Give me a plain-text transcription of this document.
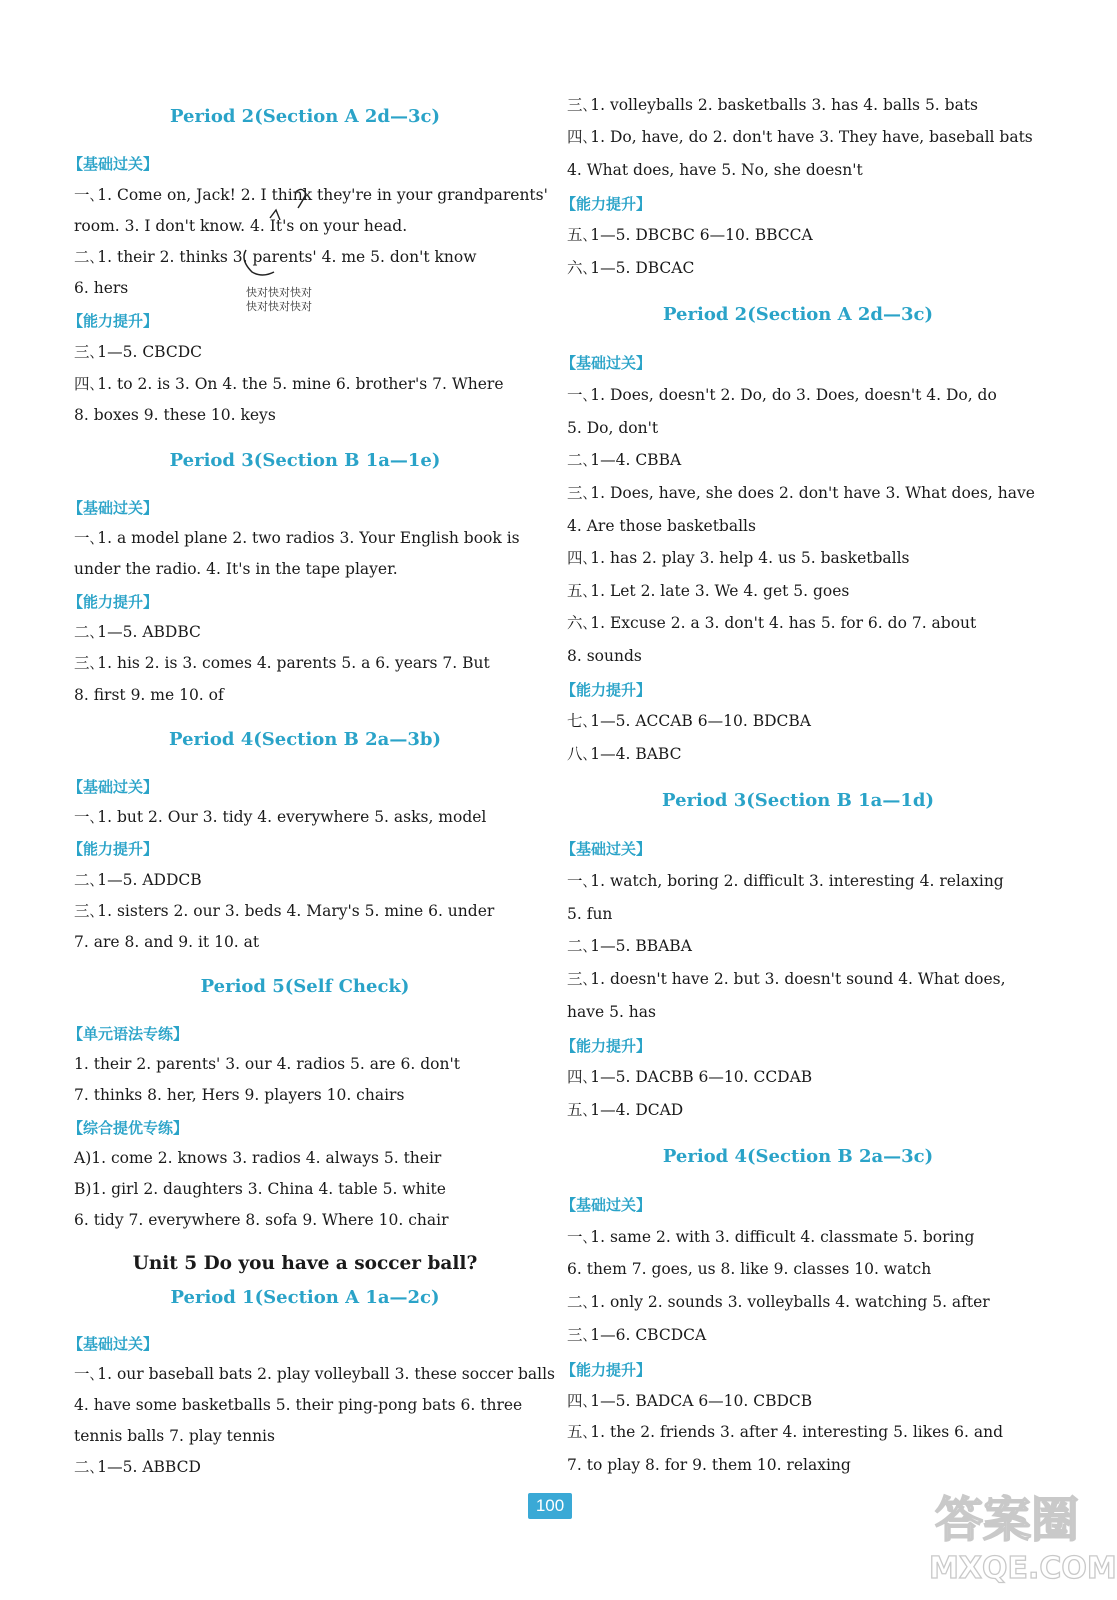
Period 2(Section A 2d—3c)
【基础过关】
一､1. Come on, Jack! 2. I think they're in your grandparents'
room. 3. I don't know. 4. It's on your head.
二､1. their 2. thinks 3. parents' 4. me 5. don't know
6. hers
【能力提升】
三､1—5. CBCDC
四､1. to 2. is 3. On 4. the 5. mine 6. brother's 7. Where
8. boxes 9. these 10. keys
Period 3(Section B 1a—1e)
【基础过关】
一､1. a model plane 2. two radios 3. Your English book is
under the radio. 4. It's in the tape player.
【能力提升】
二､1—5. ABDBC
三､1. his 2. is 3. comes 4. parents 5. a 6. years 7. But
8. first 9. me 10. of
Period 4(Section B 2a—3b)
【基础过关】
一､1. but 2. Our 3. tidy 4. everywhere 5. asks, model
【能力提升】
二､1—5. ADDCB
三､1. sisters 2. our 3. beds 4. Mary's 5. mine 6. under
7. are 8. and 9. it 10. at
Period 5(Self Check)
【单元语法专练】
1. their 2. parents' 3. our 4. radios 5. are 6. don't
7. thinks 8. her, Hers 9. players 10. chairs
【综合提优专练】
A)1. come 2. knows 3. radios 4. always 5. their
B)1. girl 2. daughters 3. China 4. table 5. white
6. tidy 7. everywhere 8. sofa 9. Where 10. chair
Unit 5 Do you have a soccer ball?
Period 1(Section A 1a—2c)
【基础过关】
一､1. our baseball bats 2. play volleyball 3. these soccer balls
4. have some basketballs 5. their ping-pong bats 6. three
tennis balls 7. play tennis
二､1—5. ABBCD
快对快对快对
快对快对快对
三､1. volleyballs 2. basketballs 3. has 4. balls 5. bats
四､1. Do, have, do 2. don't have 3. They have, baseball bats
4. What does, have 5. No, she doesn't
【能力提升】
五､1—5. DBCBC 6—10. BBCCA
六､1—5. DBCAC
Period 2(Section A 2d—3c)
【基础过关】
一､1. Does, doesn't 2. Do, do 3. Does, doesn't 4. Do, do
5. Do, don't
二､1—4. CBBA
三､1. Does, have, she does 2. don't have 3. What does, have
4. Are those basketballs
四､1. has 2. play 3. help 4. us 5. basketballs
五､1. Let 2. late 3. We 4. get 5. goes
六､1. Excuse 2. a 3. don't 4. has 5. for 6. do 7. about
8. sounds
【能力提升】
七､1—5. ACCAB 6—10. BDCBA
八､1—4. BABC
Period 3(Section B 1a—1d)
【基础过关】
一､1. watch, boring 2. difficult 3. interesting 4. relaxing
5. fun
二､1—5. BBABA
三､1. doesn't have 2. but 3. doesn't sound 4. What does,
have 5. has
【能力提升】
四､1—5. DACBB 6—10. CCDAB
五､1—4. DCAD
Period 4(Section B 2a—3c)
【基础过关】
一､1. same 2. with 3. difficult 4. classmate 5. boring
6. them 7. goes, us 8. like 9. classes 10. watch
二､1. only 2. sounds 3. volleyballs 4. watching 5. after
三､1—6. CBCDCA
【能力提升】
四､1—5. BADCA 6—10. CBDCB
五､1. the 2. friends 3. after 4. interesting 5. likes 6. and
7. to play 8. for 9. them 10. relaxing
100	答案圈
MXQE.COM
